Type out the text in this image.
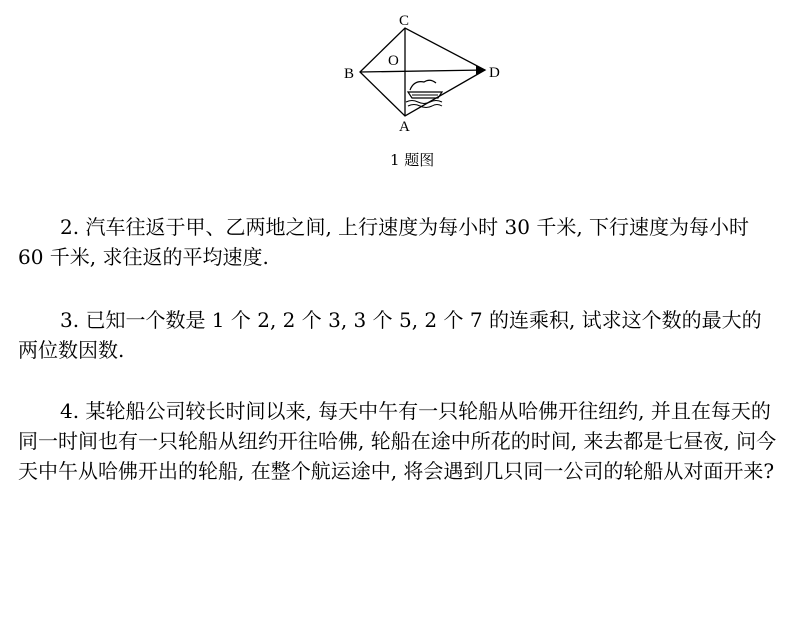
C
B	D
A
O
1 题图

2. 汽车往返于甲、乙两地之间, 上行速度为每小时 30 千米, 下行速度为每小时 60 千米, 求往返的平均速度.

3. 已知一个数是 1 个 2, 2 个 3, 3 个 5, 2 个 7 的连乘积, 试求这个数的最大的两位数因数.

4. 某轮船公司较长时间以来, 每天中午有一只轮船从哈佛开往纽约, 并且在每天的同一时间也有一只轮船从纽约开往哈佛, 轮船在途中所花的时间, 来去都是七昼夜, 问今天中午从哈佛开出的轮船, 在整个航运途中, 将会遇到几只同一公司的轮船从对面开来?
